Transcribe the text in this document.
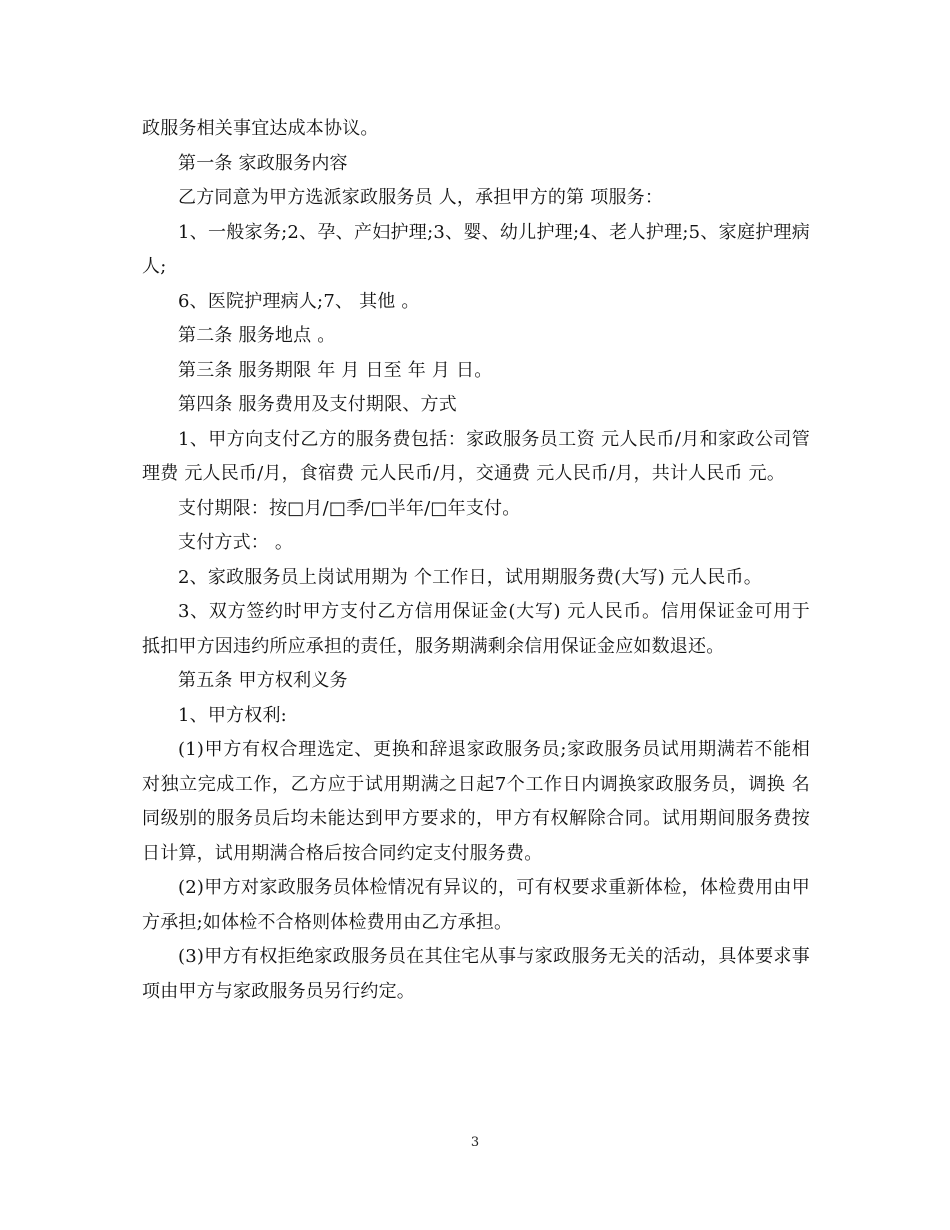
政服务相关事宜达成本协议。

第一条 家政服务内容

乙方同意为甲方选派家政服务员 人，承担甲方的第 项服务：

1、一般家务;2、孕、产妇护理;3、婴、幼儿护理;4、老人护理;5、家庭护理病人;

6、医院护理病人;7、 其他 。

第二条 服务地点 。

第三条 服务期限 年 月 日至 年 月 日。

第四条 服务费用及支付期限、方式

1、甲方向支付乙方的服务费包括：家政服务员工资 元人民币/月和家政公司管理费 元人民币/月，食宿费 元人民币/月，交通费 元人民币/月，共计人民币 元。

支付期限：按□月/□季/□半年/□年支付。

支付方式： 。

2、家政服务员上岗试用期为 个工作日，试用期服务费(大写) 元人民币。

3、双方签约时甲方支付乙方信用保证金(大写) 元人民币。信用保证金可用于抵扣甲方因违约所应承担的责任，服务期满剩余信用保证金应如数退还。

第五条 甲方权利义务

1、甲方权利:

(1)甲方有权合理选定、更换和辞退家政服务员;家政服务员试用期满若不能相对独立完成工作，乙方应于试用期满之日起7个工作日内调换家政服务员，调换 名同级别的服务员后均未能达到甲方要求的，甲方有权解除合同。试用期间服务费按日计算，试用期满合格后按合同约定支付服务费。

(2)甲方对家政服务员体检情况有异议的，可有权要求重新体检，体检费用由甲方承担;如体检不合格则体检费用由乙方承担。

(3)甲方有权拒绝家政服务员在其住宅从事与家政服务无关的活动，具体要求事项由甲方与家政服务员另行约定。

3
